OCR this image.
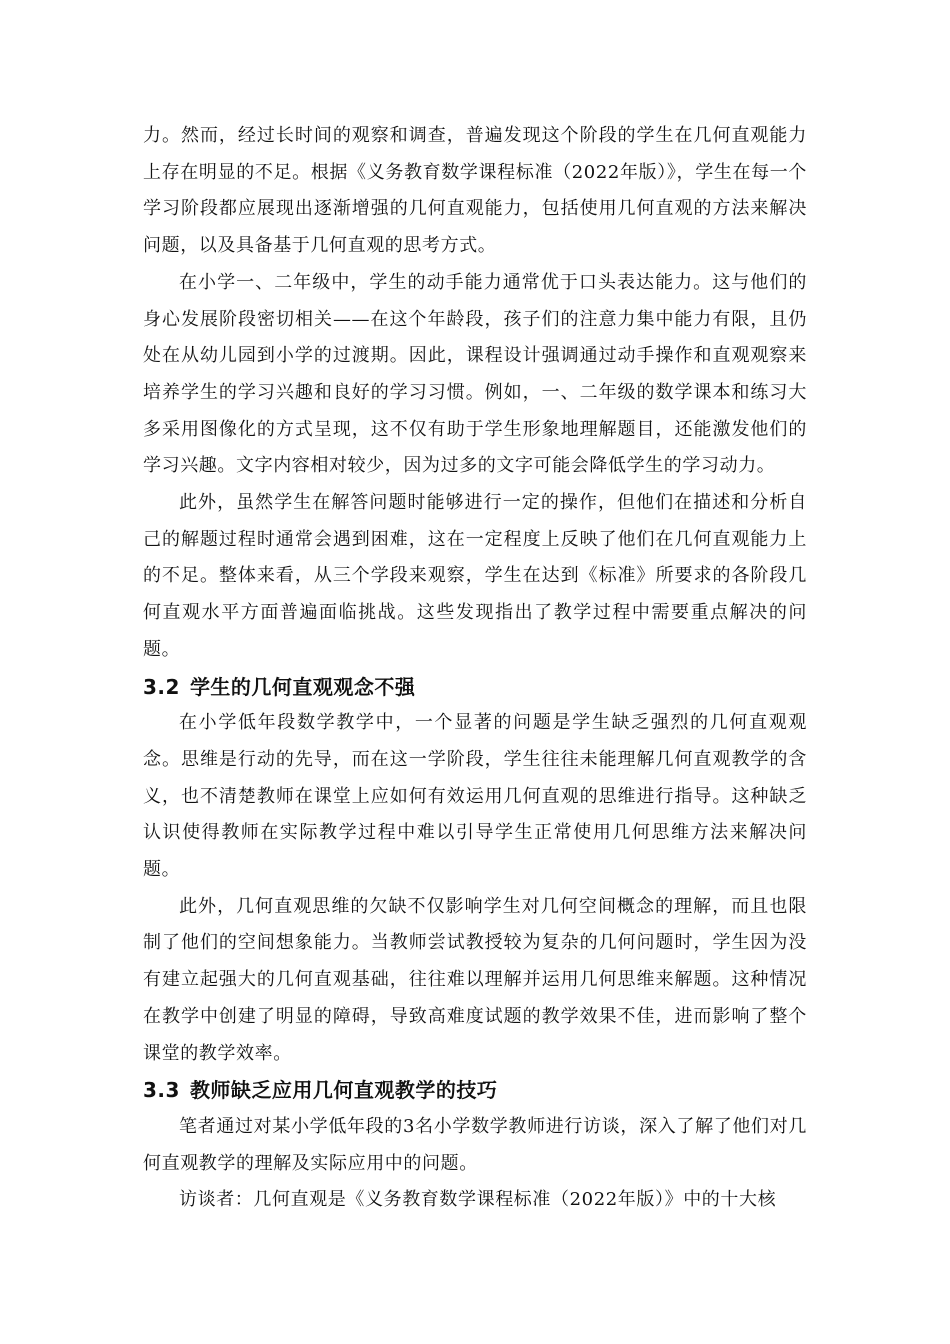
力。然而，经过长时间的观察和调查，普遍发现这个阶段的学生在几何直观能力上存在明显的不足。根据《义务教育数学课程标准（2022年版）》，学生在每一个学习阶段都应展现出逐渐增强的几何直观能力，包括使用几何直观的方法来解决问题，以及具备基于几何直观的思考方式。

在小学一、二年级中，学生的动手能力通常优于口头表达能力。这与他们的身心发展阶段密切相关——在这个年龄段，孩子们的注意力集中能力有限，且仍处在从幼儿园到小学的过渡期。因此，课程设计强调通过动手操作和直观观察来培养学生的学习兴趣和良好的学习习惯。例如，一、二年级的数学课本和练习大多采用图像化的方式呈现，这不仅有助于学生形象地理解题目，还能激发他们的学习兴趣。文字内容相对较少，因为过多的文字可能会降低学生的学习动力。

此外，虽然学生在解答问题时能够进行一定的操作，但他们在描述和分析自己的解题过程时通常会遇到困难，这在一定程度上反映了他们在几何直观能力上的不足。整体来看，从三个学段来观察，学生在达到《标准》所要求的各阶段几何直观水平方面普遍面临挑战。这些发现指出了教学过程中需要重点解决的问题。

3.2 学生的几何直观观念不强

在小学低年段数学教学中，一个显著的问题是学生缺乏强烈的几何直观观念。思维是行动的先导，而在这一学阶段，学生往往未能理解几何直观教学的含义，也不清楚教师在课堂上应如何有效运用几何直观的思维进行指导。这种缺乏认识使得教师在实际教学过程中难以引导学生正常使用几何思维方法来解决问题。

此外，几何直观思维的欠缺不仅影响学生对几何空间概念的理解，而且也限制了他们的空间想象能力。当教师尝试教授较为复杂的几何问题时，学生因为没有建立起强大的几何直观基础，往往难以理解并运用几何思维来解题。这种情况在教学中创建了明显的障碍，导致高难度试题的教学效果不佳，进而影响了整个课堂的教学效率。

3.3 教师缺乏应用几何直观教学的技巧

笔者通过对某小学低年段的3名小学数学教师进行访谈，深入了解了他们对几何直观教学的理解及实际应用中的问题。

访谈者：几何直观是《义务教育数学课程标准（2022年版）》中的十大核
